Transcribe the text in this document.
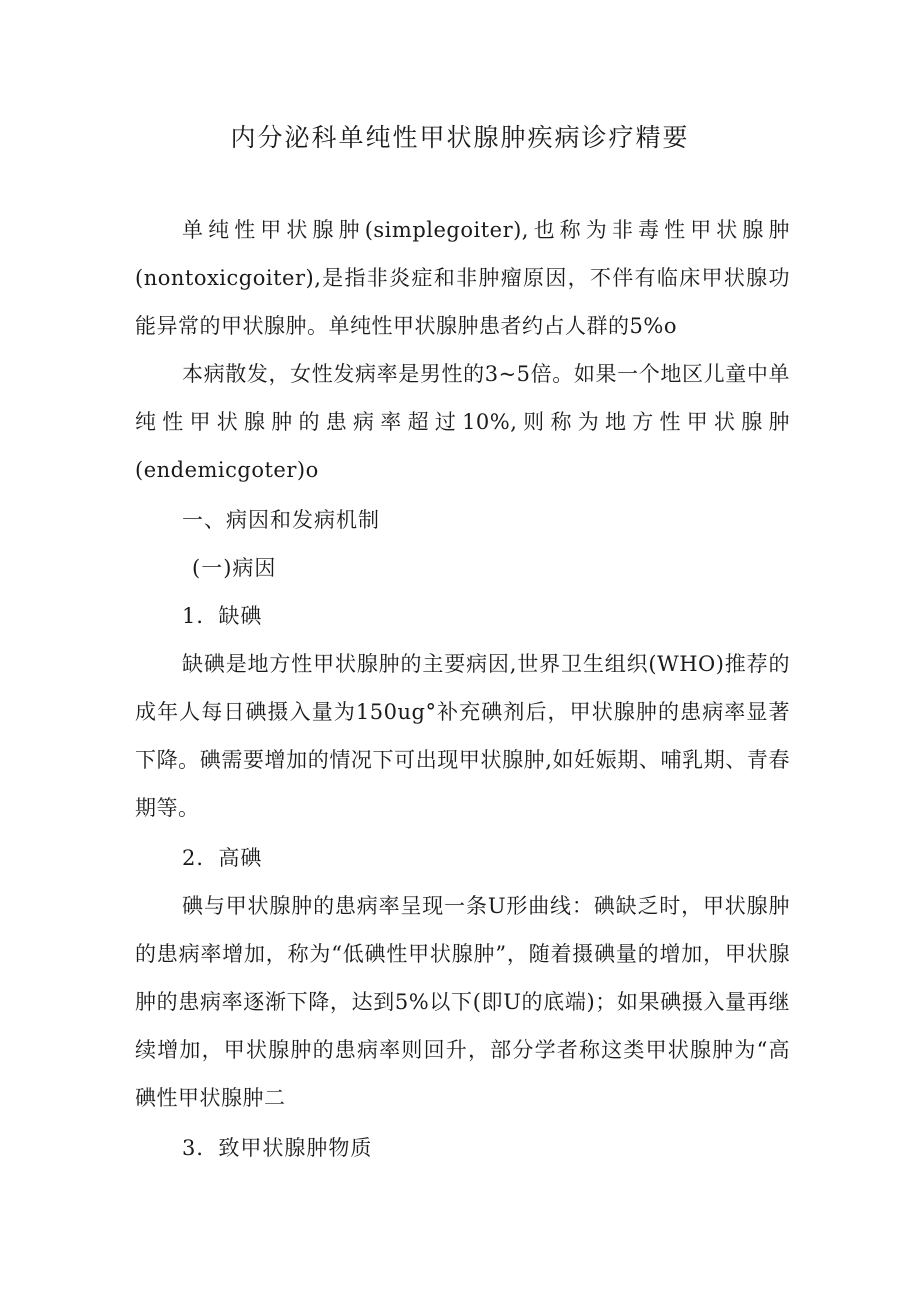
内分泌科单纯性甲状腺肿疾病诊疗精要

单纯性甲状腺肿(simplegoiter),也称为非毒性甲状腺肿(nontoxicgoiter),是指非炎症和非肿瘤原因，不伴有临床甲状腺功能异常的甲状腺肿。单纯性甲状腺肿患者约占人群的5%o

本病散发，女性发病率是男性的3~5倍。如果一个地区儿童中单纯性甲状腺肿的患病率超过10%,则称为地方性甲状腺肿(endemicgoter)o

一、病因和发病机制

(一)病因

1．缺碘

缺碘是地方性甲状腺肿的主要病因,世界卫生组织(WHO)推荐的成年人每日碘摄入量为150ug°补充碘剂后，甲状腺肿的患病率显著下降。碘需要增加的情况下可出现甲状腺肿,如妊娠期、哺乳期、青春期等。

2．高碘

碘与甲状腺肿的患病率呈现一条U形曲线：碘缺乏时，甲状腺肿的患病率增加，称为“低碘性甲状腺肿”，随着摄碘量的增加，甲状腺肿的患病率逐渐下降，达到5%以下(即U的底端)；如果碘摄入量再继续增加，甲状腺肿的患病率则回升，部分学者称这类甲状腺肿为“高碘性甲状腺肿二

3．致甲状腺肿物质
